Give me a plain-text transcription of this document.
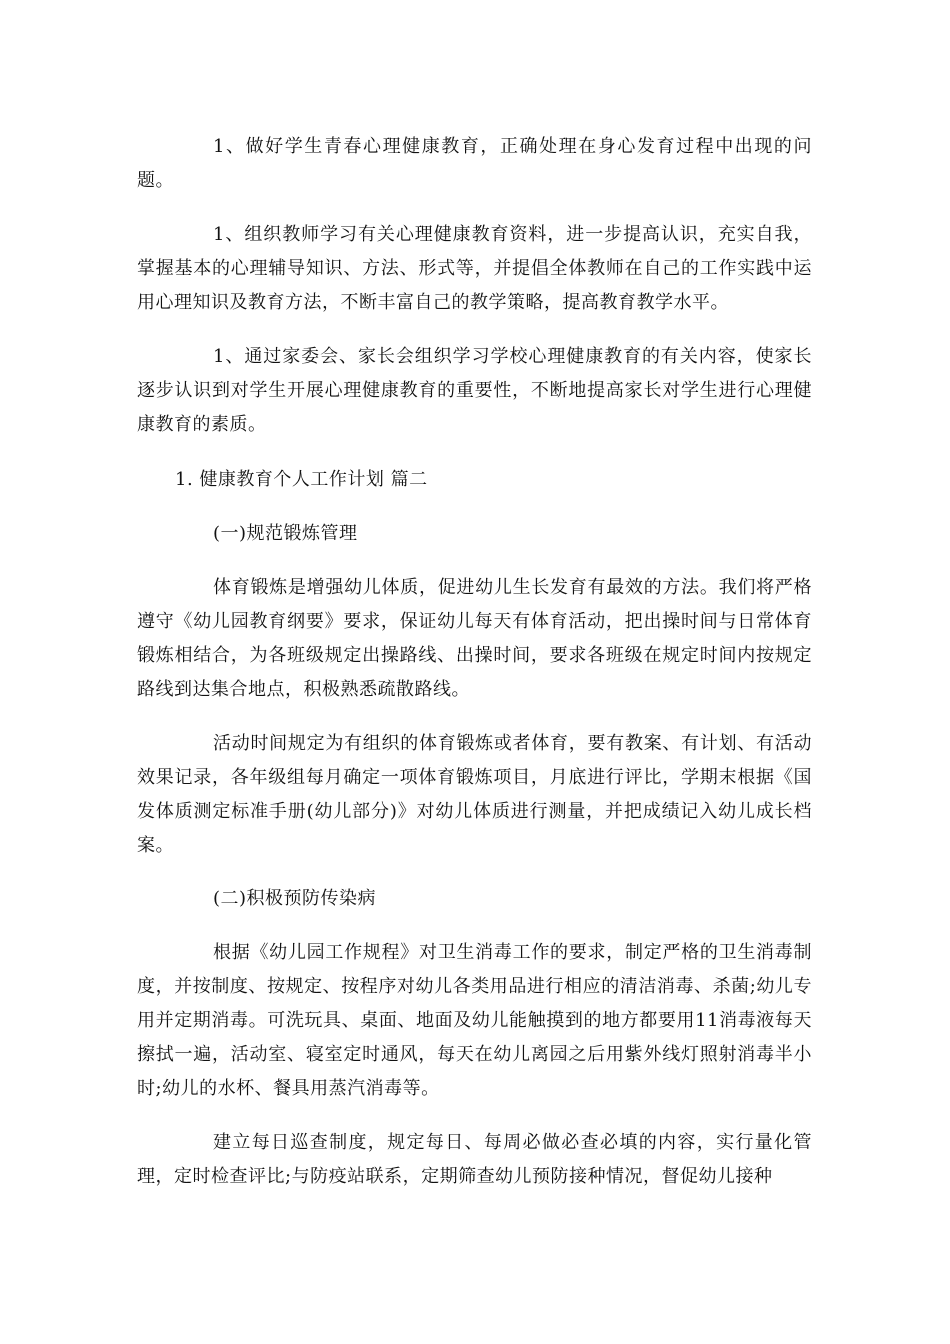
1、做好学生青春心理健康教育，正确处理在身心发育过程中出现的问题。

1、组织教师学习有关心理健康教育资料，进一步提高认识，充实自我，掌握基本的心理辅导知识、方法、形式等，并提倡全体教师在自己的工作实践中运用心理知识及教育方法，不断丰富自己的教学策略，提高教育教学水平。

1、通过家委会、家长会组织学习学校心理健康教育的有关内容，使家长逐步认识到对学生开展心理健康教育的重要性，不断地提高家长对学生进行心理健康教育的素质。

1. 健康教育个人工作计划 篇二

(一)规范锻炼管理

体育锻炼是增强幼儿体质，促进幼儿生长发育有最效的方法。我们将严格遵守《幼儿园教育纲要》要求，保证幼儿每天有体育活动，把出操时间与日常体育锻炼相结合，为各班级规定出操路线、出操时间，要求各班级在规定时间内按规定路线到达集合地点，积极熟悉疏散路线。

活动时间规定为有组织的体育锻炼或者体育，要有教案、有计划、有活动效果记录，各年级组每月确定一项体育锻炼项目，月底进行评比，学期末根据《国发体质测定标准手册(幼儿部分)》对幼儿体质进行测量，并把成绩记入幼儿成长档案。

(二)积极预防传染病

根据《幼儿园工作规程》对卫生消毒工作的要求，制定严格的卫生消毒制度，并按制度、按规定、按程序对幼儿各类用品进行相应的清洁消毒、杀菌;幼儿专用并定期消毒。可洗玩具、桌面、地面及幼儿能触摸到的地方都要用11消毒液每天擦拭一遍，活动室、寝室定时通风，每天在幼儿离园之后用紫外线灯照射消毒半小时;幼儿的水杯、餐具用蒸汽消毒等。

建立每日巡查制度，规定每日、每周必做必查必填的内容，实行量化管理，定时检查评比;与防疫站联系，定期筛查幼儿预防接种情况，督促幼儿接种
